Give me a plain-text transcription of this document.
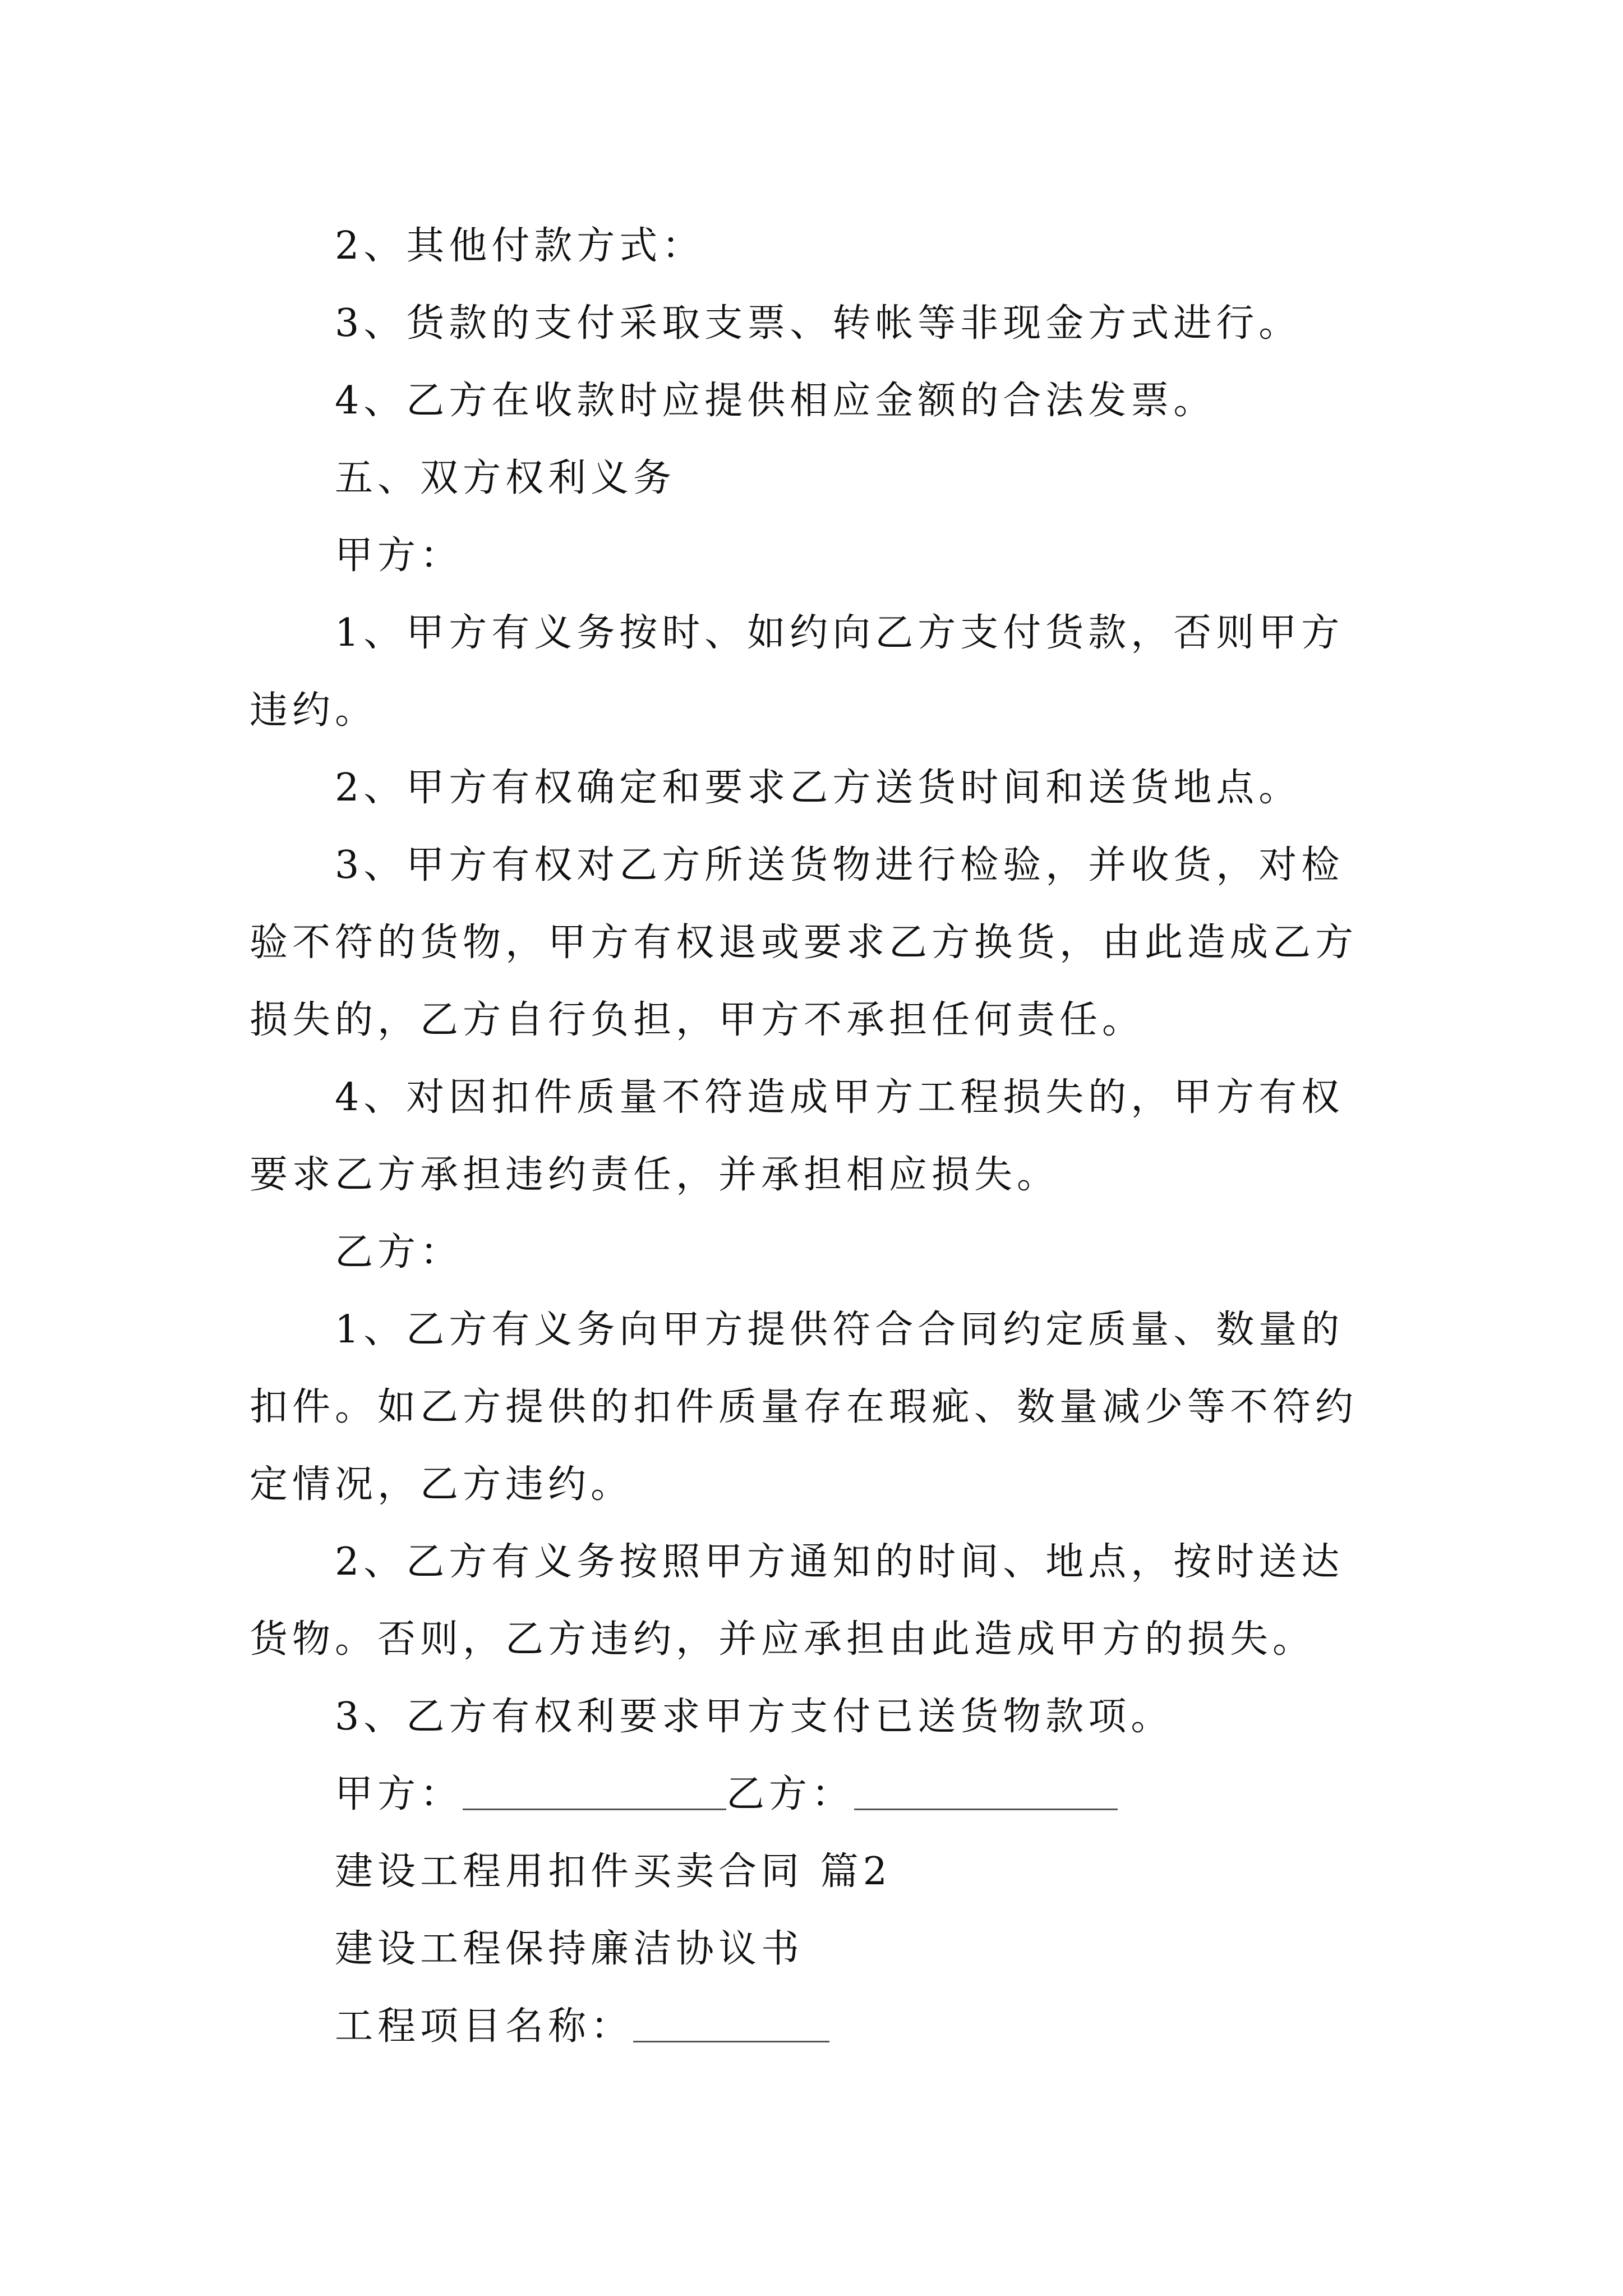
2、其他付款方式：

3、货款的支付采取支票、转帐等非现金方式进行。

4、乙方在收款时应提供相应金额的合法发票。

五、双方权利义务

甲方：

1、甲方有义务按时、如约向乙方支付货款，否则甲方违约。

2、甲方有权确定和要求乙方送货时间和送货地点。

3、甲方有权对乙方所送货物进行检验，并收货，对检验不符的货物，甲方有权退或要求乙方换货，由此造成乙方损失的，乙方自行负担，甲方不承担任何责任。

4、对因扣件质量不符造成甲方工程损失的，甲方有权要求乙方承担违约责任，并承担相应损失。

乙方：

1、乙方有义务向甲方提供符合合同约定质量、数量的扣件。如乙方提供的扣件质量存在瑕疵、数量减少等不符约定情况，乙方违约。

2、乙方有义务按照甲方通知的时间、地点，按时送达货物。否则，乙方违约，并应承担由此造成甲方的损失。

3、乙方有权利要求甲方支付已送货物款项。

甲方：	乙方：

建设工程用扣件买卖合同 篇2

建设工程保持廉洁协议书

工程项目名称：
